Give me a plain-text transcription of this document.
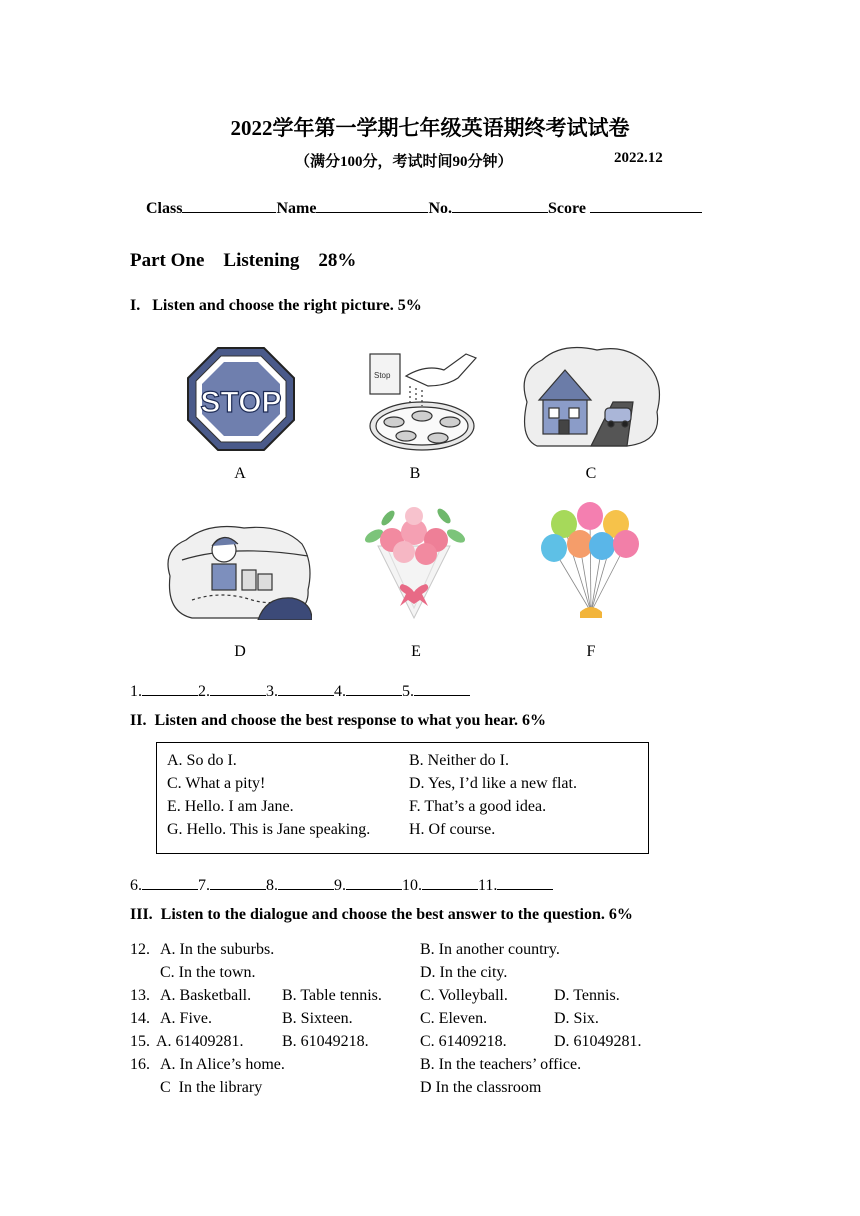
2022学年第一学期七年级英语期终考试试卷
（满分100分，考试时间90分钟）	2022.12
Class	Name	No.	Score
Part One    Listening    28%
I.   Listen and choose the right picture. 5%
STOP
Stop
A	B	C
D	E	F
1.	2.	3.	4.	5.
II.  Listen and choose the best response to what you hear. 6%
A. So do I.	B. Neither do I.
C. What a pity!	D. Yes, I’d like a new flat.
E. Hello. I am Jane.	F. That’s a good idea.
G. Hello. This is Jane speaking. H. Of course.
6.	7.	8.	9.	10.	11.
III.  Listen to the dialogue and choose the best answer to the question. 6%
12. A. In the suburbs.	B. In another country.
C. In the town.	D. In the city.
13. A. Basketball. B. Table tennis. C. Volleyball.	D. Tennis.
14. A. Five.	B. Sixteen.	C. Eleven.	D. Six.
15. A. 61409281. B. 61049218.	C. 61409218.	D. 61049281.
16. A. In Alice’s home.	B. In the teachers’ office.
C  In the library	D In the classroom
